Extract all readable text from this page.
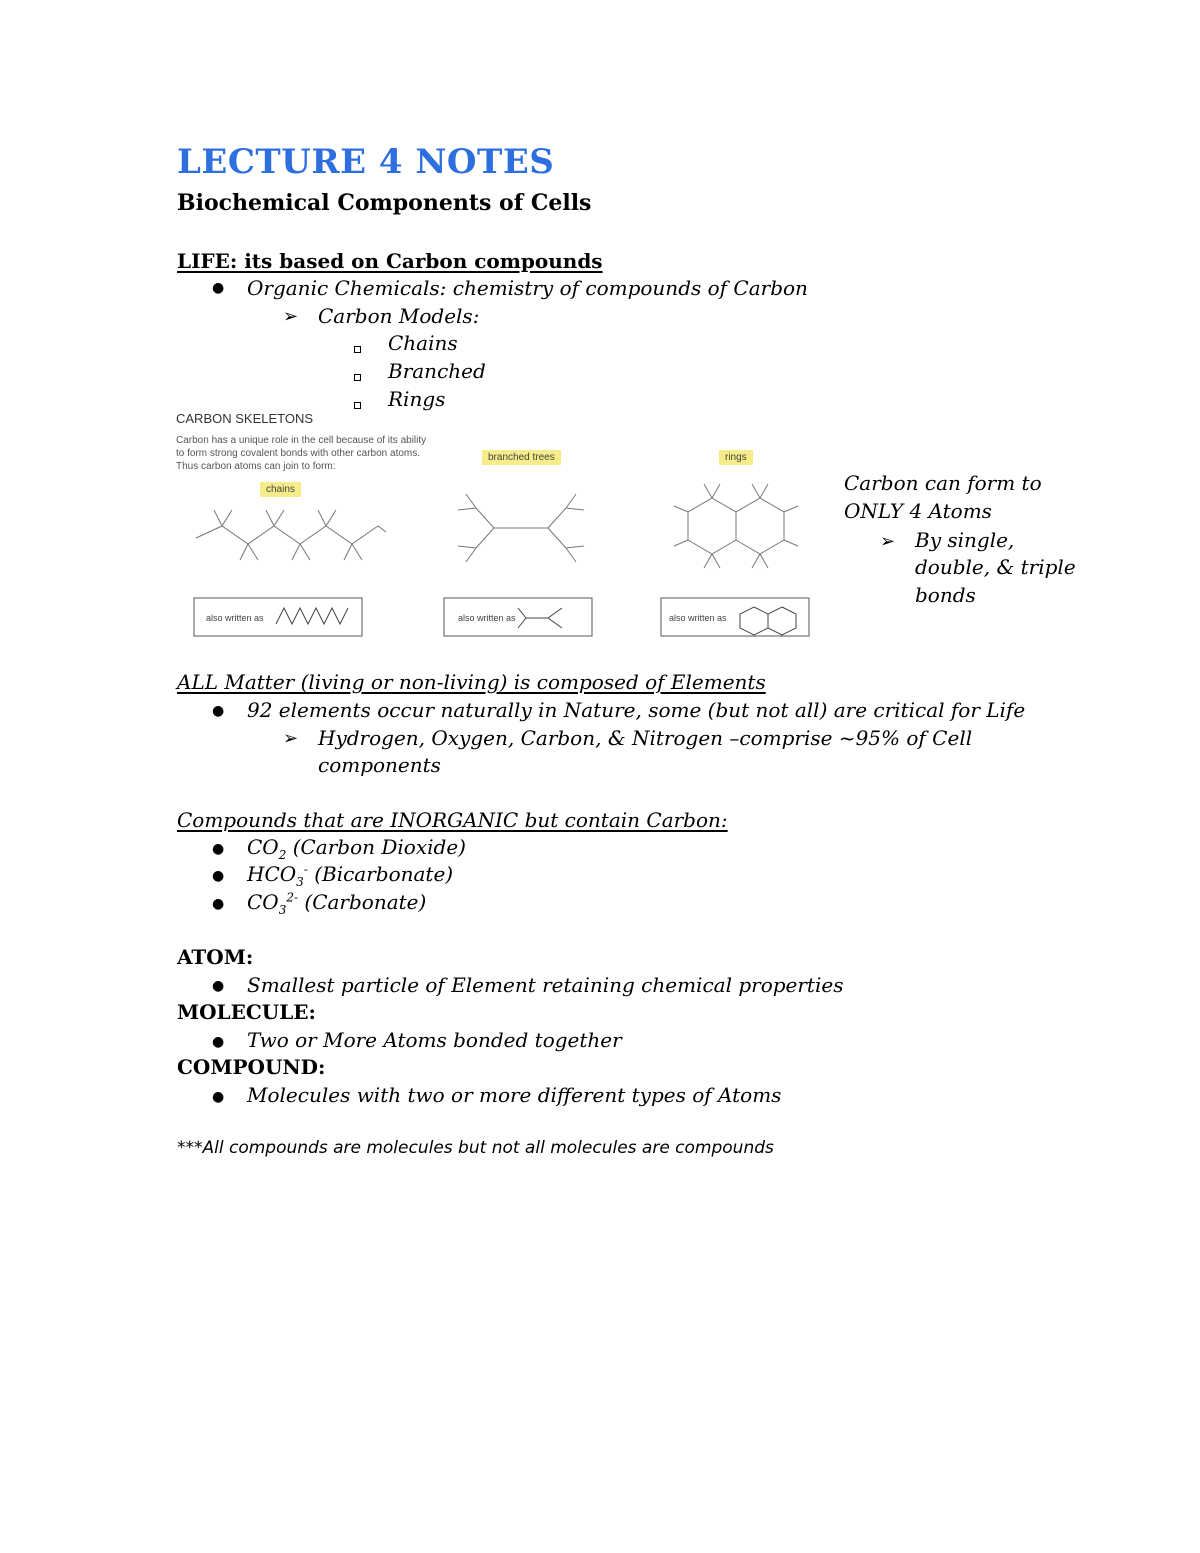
LECTURE 4 NOTES
Biochemical Components of Cells
LIFE: its based on Carbon compounds
● Organic Chemicals: chemistry of compounds of Carbon
➢ Carbon Models:
Chains
Branched
Rings
CARBON SKELETONS
Carbon has a unique role in the cell because of its ability to form strong covalent bonds with other carbon atoms. Thus carbon atoms can join to form:
chains
branched trees	rings
also written as	also written as	also written as
Carbon can form to
ONLY 4 Atoms
➢ By single,
double, & triple
bonds
ALL Matter (living or non-living) is composed of Elements
● 92 elements occur naturally in Nature, some (but not all) are critical for Life
➢ Hydrogen, Oxygen, Carbon, & Nitrogen –comprise ~95% of Cell
components
Compounds that are INORGANIC but contain Carbon:
● $CO_2$ (Carbon Dioxide)
● $HCO_3^-$ (Bicarbonate)
● $CO_3^{2-}$ (Carbonate)
ATOM:
● Smallest particle of Element retaining chemical properties
MOLECULE:
● Two or More Atoms bonded together
COMPOUND:
● Molecules with two or more different types of Atoms
***All compounds are molecules but not all molecules are compounds
